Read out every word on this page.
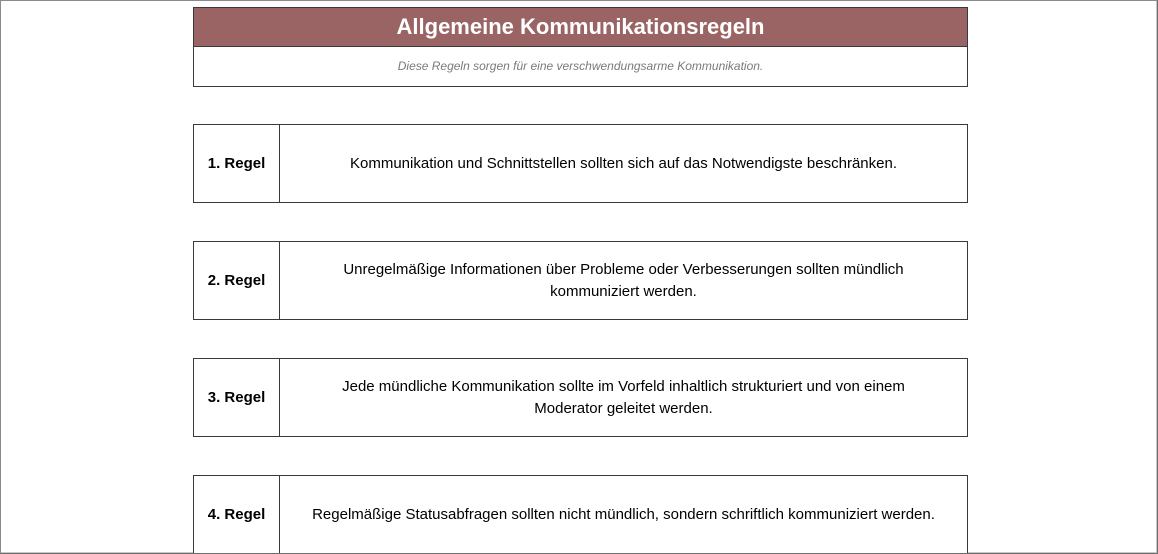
Allgemeine Kommunikationsregeln
Diese Regeln sorgen für eine verschwendungsarme Kommunikation.
1. Regel	Kommunikation und Schnittstellen sollten sich auf das Notwendigste beschränken.
2. Regel
Unregelmäßige Informationen über Probleme oder Verbesserungen sollten mündlich
kommuniziert werden.
3. Regel
Jede mündliche Kommunikation sollte im Vorfeld inhaltlich strukturiert und von einem
Moderator geleitet werden.
4. Regel	Regelmäßige Statusabfragen sollten nicht mündlich, sondern schriftlich kommuniziert werden.
